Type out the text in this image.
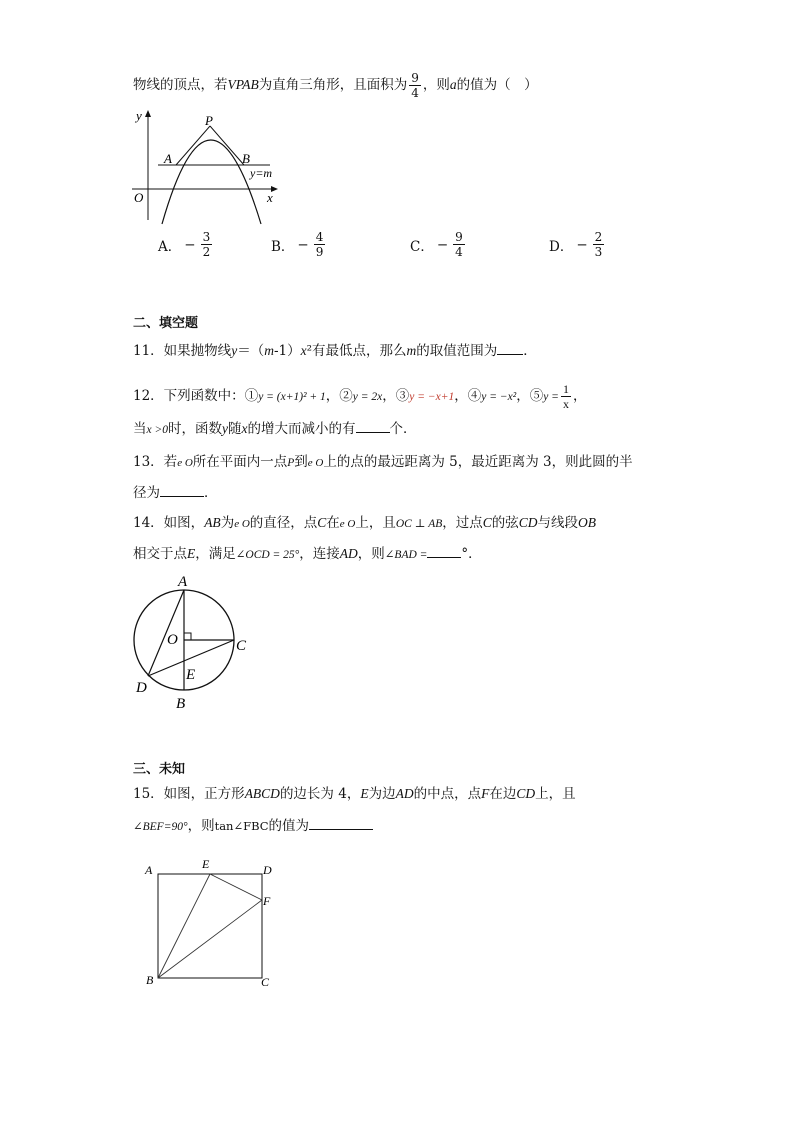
物线的顶点，若VPAB为直角三角形，且面积为 $\frac{9}{4}$ ，则a的值为（　）
y
x
O
P
A	B
y=m
A． − $\frac{3}{2}$	B． − $\frac{4}{9}$	C． − $\frac{9}{4}$	D． − $\frac{2}{3}$
二、填空题
11．如果抛物线y＝（m-1）x²有最低点，那么m的取值范围为 ．
12．下列函数中：①y = (x+1)² + 1，②y = 2x，③y = −x+1，④y = −x²，⑤y = $\frac{1}{x}$ ，
当x >0时，函数y随x的增大而减小的有	个．
13．若e O所在平面内一点P到e O上的点的最远距离为 5，最近距离为 3，则此圆的半
径为	．
14．如图，AB为e O的直径，点C在e O上，且OC ⊥ AB，过点C的弦CD与线段OB
相交于点E，满足∠OCD = 25°，连接AD，则∠BAD =	°．
A
O	C
D
E
B
三、未知
15．如图，正方形ABCD的边长为 4，E为边AD的中点，点F在边CD上，且
∠BEF=90°，则tan∠FBC的值为
A	E	D
F
B	C
